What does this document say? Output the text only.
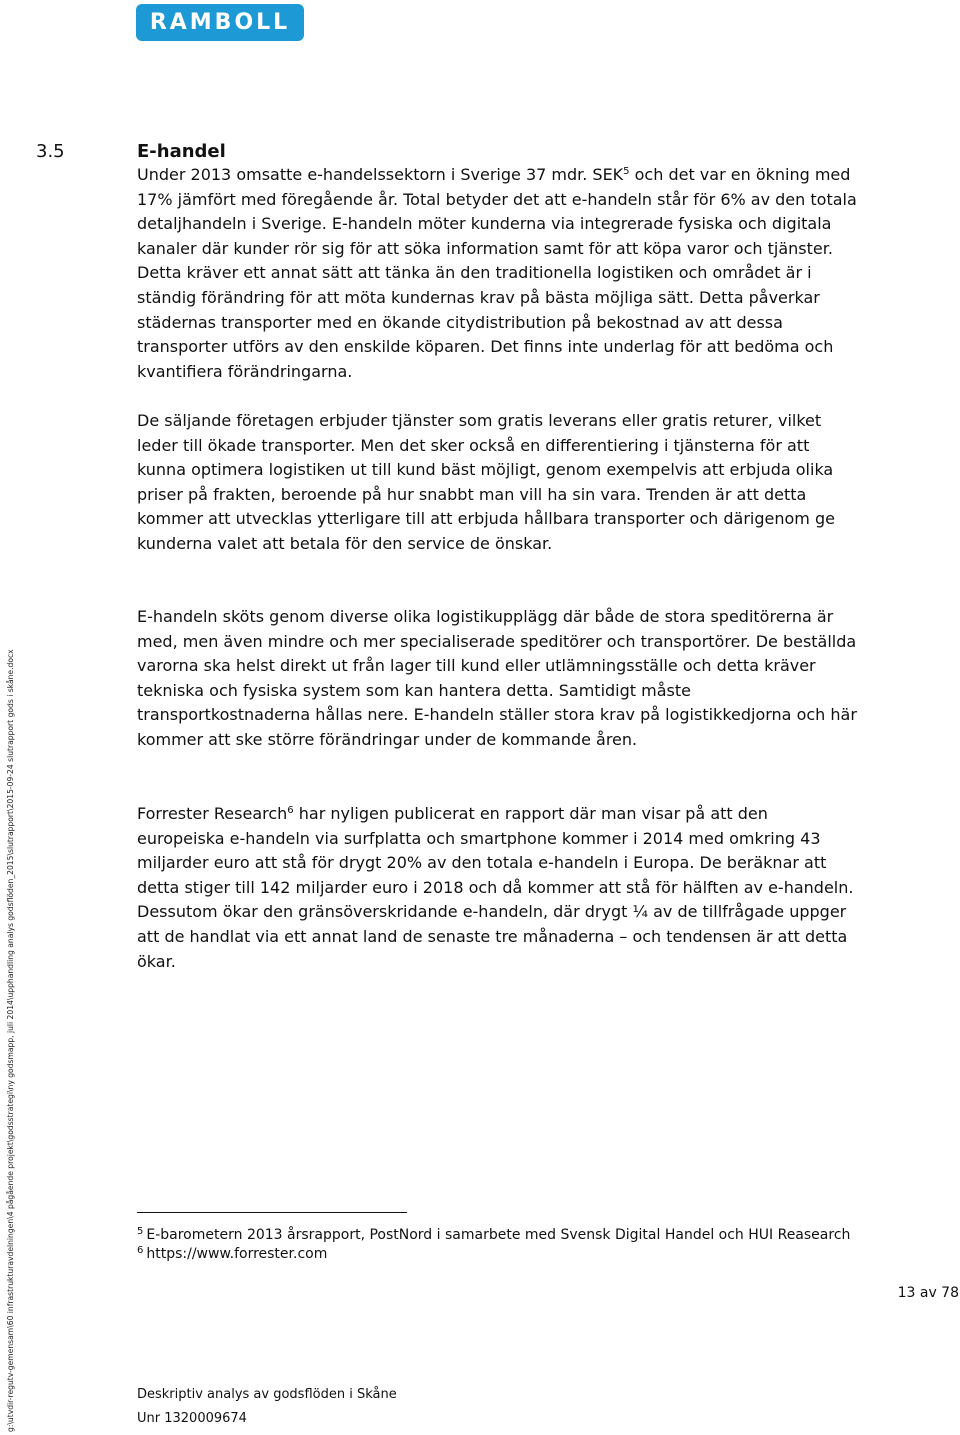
RAMBOLL
3.5	E-handel

Under 2013 omsatte e-handelssektorn i Sverige 37 mdr. SEK$^5$ och det var en ökning med 17% jämfört med föregående år. Total betyder det att e-handeln står för 6% av den totala detaljhandeln i Sverige. E-handeln möter kunderna via integrerade fysiska och digitala kanaler där kunder rör sig för att söka information samt för att köpa varor och tjänster. Detta kräver ett annat sätt att tänka än den traditionella logistiken och området är i ständig förändring för att möta kundernas krav på bästa möjliga sätt. Detta påverkar städernas transporter med en ökande citydistribution på bekostnad av att dessa transporter utförs av den enskilde köparen. Det finns inte underlag för att bedöma och kvantifiera förändringarna.

De säljande företagen erbjuder tjänster som gratis leverans eller gratis returer, vilket leder till ökade transporter. Men det sker också en differentiering i tjänsterna för att kunna optimera logistiken ut till kund bäst möjligt, genom exempelvis att erbjuda olika priser på frakten, beroende på hur snabbt man vill ha sin vara. Trenden är att detta kommer att utvecklas ytterligare till att erbjuda hållbara transporter och därigenom ge kunderna valet att betala för den service de önskar.

E-handeln sköts genom diverse olika logistikupplägg där både de stora speditörerna är med, men även mindre och mer specialiserade speditörer och transportörer. De beställda varorna ska helst direkt ut från lager till kund eller utlämningsställe och detta kräver tekniska och fysiska system som kan hantera detta. Samtidigt måste transportkostnaderna hållas nere. E-handeln ställer stora krav på logistikkedjorna och här kommer att ske större förändringar under de kommande åren.

Forrester Research$^6$ har nyligen publicerat en rapport där man visar på att den europeiska e-handeln via surfplatta och smartphone kommer i 2014 med omkring 43 miljarder euro att stå för drygt 20% av den totala e-handeln i Europa. De beräknar att detta stiger till 142 miljarder euro i 2018 och då kommer att stå för hälften av e-handeln. Dessutom ökar den gränsöverskridande e-handeln, där drygt ¼ av de tillfrågade uppger att de handlat via ett annat land de senaste tre månaderna – och tendensen är att detta ökar.

$^5$ E-barometern 2013 årsrapport, PostNord i samarbete med Svensk Digital Handel och HUI Reasearch

$^6$ https://www.forrester.com

13 av 78
Deskriptiv analys av godsflöden i Skåne
Unr 1320009674
g:\utvdir-regutv-gemensam\60 infrastrukturavdelningen\4 pågående projekt\godsstrategi\ny godsmapp, juli 2014\upphandling analys godsflöden_2015\slutrapport\2015-09-24 slutrapport gods i skåne.docx
